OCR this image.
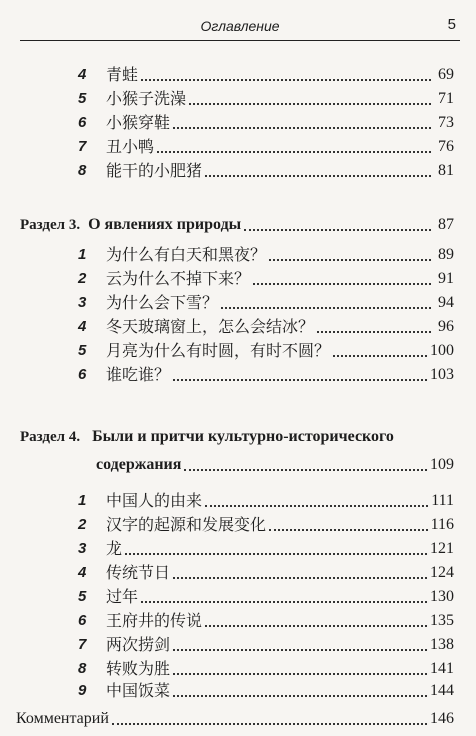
Оглавление	5
4	青蛙	69
5	小猴子洗澡	71
6	小猴穿鞋	73
7	丑小鸭	76
8	能干的小肥猪	81
Раздел 3. О явлениях природы	87
1	为什么有白天和黑夜？	89
2	云为什么不掉下来？	91
3	为什么会下雪？	94
4	冬天玻璃窗上，怎么会结冰？	96
5	月亮为什么有时圆，有时不圆？	100
6	谁吃谁？	103
Раздел 4. Были и притчи культурно-исторического
содержания	109
1	中国人的由来	111
2	汉字的起源和发展变化	116
3	龙	121
4	传统节日	124
5	过年	130
6	王府井的传说	135
7	两次捞剑	138
8	转败为胜	141
9	中国饭菜	144
Комментарий	146
